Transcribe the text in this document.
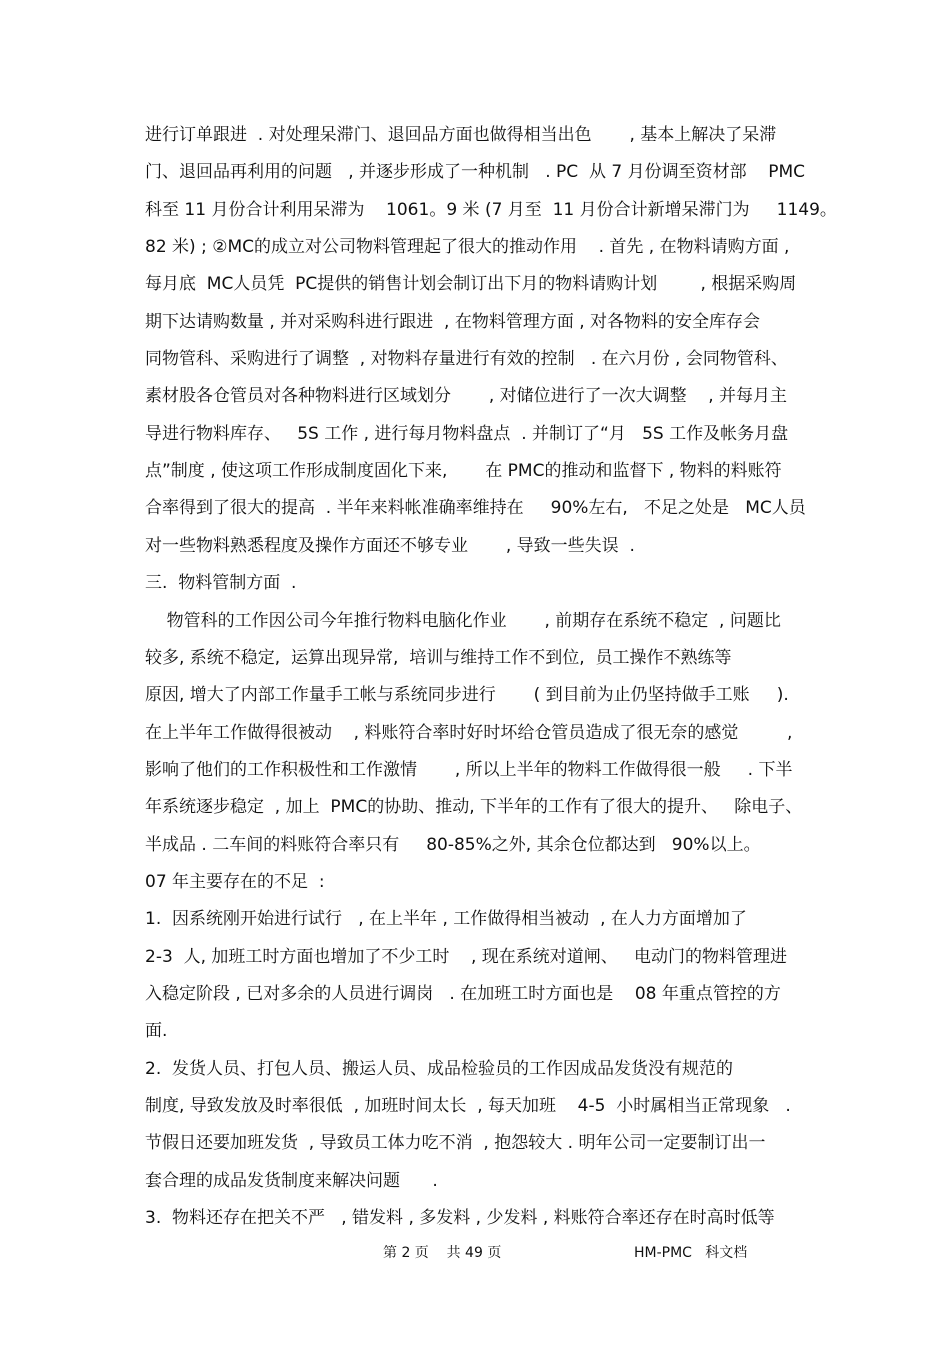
进行订单跟进  . 对处理呆滞门、退回品方面也做得相当出色       , 基本上解决了呆滞
门、退回品再利用的问题   , 并逐步形成了一种机制   . PC  从 7 月份调至资材部    PMC
科至 11 月份合计利用呆滞为    1061。9 米 (7 月至  11 月份合计新增呆滞门为     1149。
82 米) ; ②MC的成立对公司物料管理起了很大的推动作用    . 首先 , 在物料请购方面 ,
每月底  MC人员凭  PC提供的销售计划会制订出下月的物料请购计划        , 根据采购周
期下达请购数量 , 并对采购科进行跟进  , 在物料管理方面 , 对各物料的安全库存会
同物管科、采购进行了调整  , 对物料存量进行有效的控制   . 在六月份 , 会同物管科、
素材股各仓管员对各种物料进行区域划分       , 对储位进行了一次大调整    , 并每月主
导进行物料库存、   5S 工作 , 进行每月物料盘点  . 并制订了“月   5S 工作及帐务月盘
点”制度 , 使这项工作形成制度固化下来,       在 PMC的推动和监督下 , 物料的料账符
合率得到了很大的提高  . 半年来料帐准确率维持在     90%左右,   不足之处是   MC人员
对一些物料熟悉程度及操作方面还不够专业       , 导致一些失误  .
三.  物料管制方面  .
物管科的工作因公司今年推行物料电脑化作业       , 前期存在系统不稳定  , 问题比
较多, 系统不稳定,  运算出现异常,  培训与维持工作不到位,  员工操作不熟练等
原因, 增大了内部工作量手工帐与系统同步进行       ( 到目前为止仍坚持做手工账     ).
在上半年工作做得很被动    , 料账符合率时好时坏给仓管员造成了很无奈的感觉         ,
影响了他们的工作积极性和工作激情       , 所以上半年的物料工作做得很一般     . 下半
年系统逐步稳定  , 加上  PMC的协助、推动, 下半年的工作有了很大的提升、   除电子、
半成品 . 二车间的料账符合率只有     80-85%之外, 其余仓位都达到   90%以上。
07 年主要存在的不足  :
1.  因系统刚开始进行试行   , 在上半年 , 工作做得相当被动  , 在人力方面增加了
2-3  人, 加班工时方面也增加了不少工时    , 现在系统对道闸、   电动门的物料管理进
入稳定阶段 , 已对多余的人员进行调岗   . 在加班工时方面也是    08 年重点管控的方
面.
2.  发货人员、打包人员、搬运人员、成品检验员的工作因成品发货没有规范的
制度, 导致发放及时率很低  , 加班时间太长  , 每天加班    4-5  小时属相当正常现象   .
节假日还要加班发货  , 导致员工体力吃不消  , 抱怨较大 . 明年公司一定要制订出一
套合理的成品发货制度来解决问题      .
3.  物料还存在把关不严   , 错发料 , 多发料 , 少发料 , 料账符合率还存在时高时低等
第 2 页    共 49 页	HM-PMC   科文档
